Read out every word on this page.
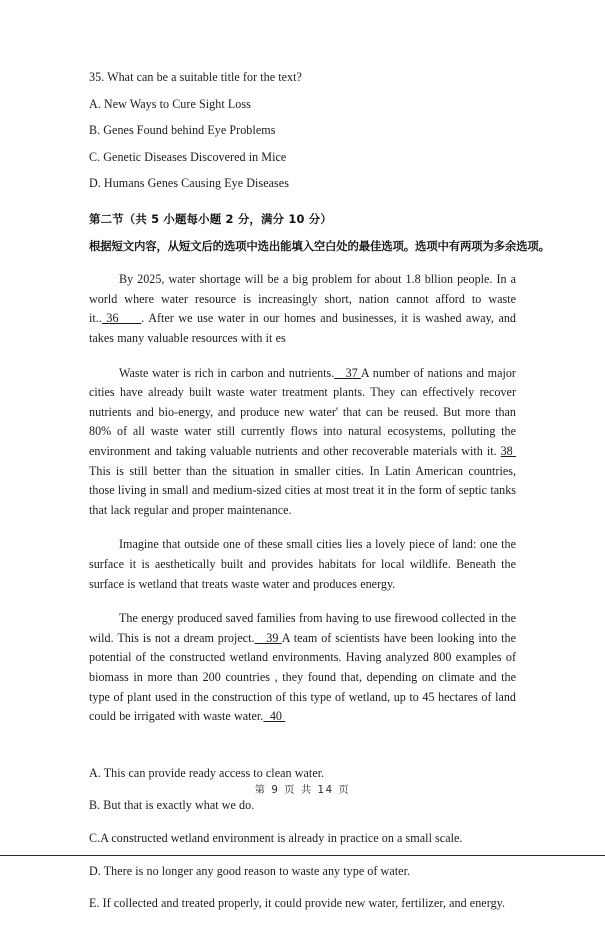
35. What can be a suitable title for the text?
A. New Ways to Cure Sight Loss
B. Genes Found behind Eye Problems
C. Genetic Diseases Discovered in Mice
D. Humans Genes Causing Eye Diseases
第二节（共 5 小题每小题 2 分，满分 10 分）
根据短文内容，从短文后的选项中选出能填入空白处的最佳选项。选项中有两项为多余选项。

By 2025, water shortage will be a big problem for about 1.8 bllion people. In a world where water resource is increasingly short, nation cannot afford to waste it.. 36     . After we use water in our homes and businesses, it is washed away, and takes many valuable resources with it es

Waste water is rich in carbon and nutrients.   37 A number of nations and major cities have already built waste water treatment plants. They can effectively recover nutrients and bio-energy, and produce new water' that can be reused. But more than 80% of all waste water still currently flows into natural ecosystems, polluting the environment and taking valuable nutrients and other recoverable materials with it. 38  This is still better than the situation in smaller cities. In Latin American countries, those living in small and medium-sized cities at most treat it in the form of septic tanks that lack regular and proper maintenance.

Imagine that outside one of these small cities lies a lovely piece of land: one the surface it is aesthetically built and provides habitats for local wildlife. Beneath the surface is wetland that treats waste water and produces energy.

The energy produced saved families from having to use firewood collected in the wild. This is not a dream project.   39 A team of scientists have been looking into the potential of the constructed wetland environments. Having analyzed 800 examples of biomass in more than 200 countries , they found that, depending on climate and the type of plant used in the construction of this type of wetland, up to 45 hectares of land could be irrigated with waste water.  40

A. This can provide ready access to clean water.
B. But that is exactly what we do.
C.A constructed wetland environment is already in practice on a small scale.
D. There is no longer any good reason to waste any type of water.
E. If collected and treated properly, it could provide new water, fertilizer, and energy.
第 9 页 共 14 页
